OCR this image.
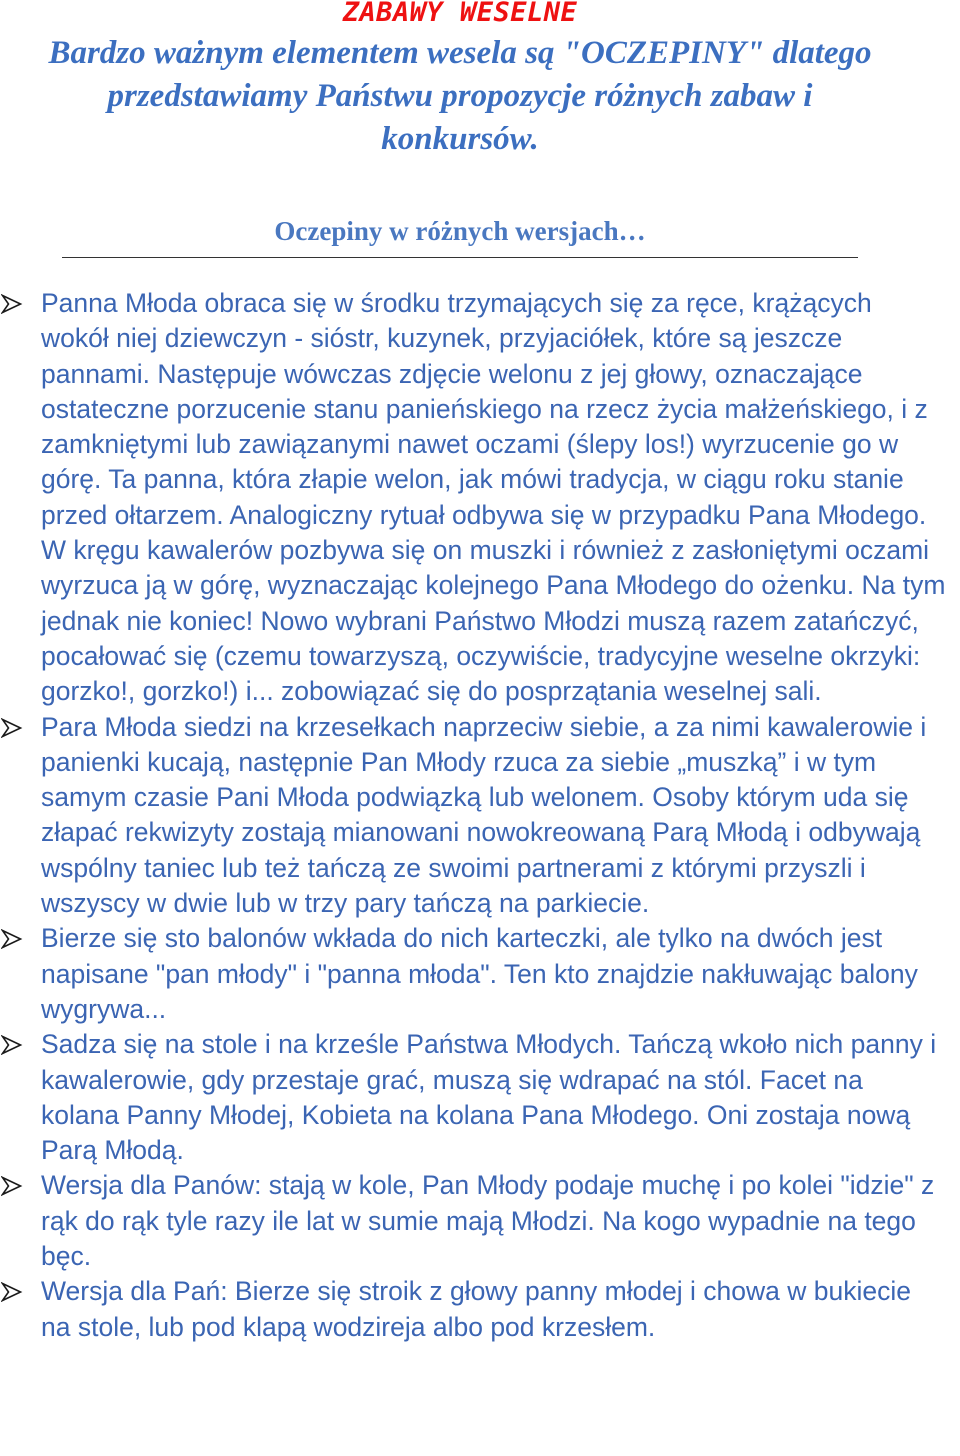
ZABAWY WESELNE
Bardzo ważnym elementem wesela są "OCZEPINY" dlatego przedstawiamy Państwu propozycje różnych zabaw i konkursów.
Oczepiny w różnych wersjach…
Panna Młoda obraca się w środku trzymających się za ręce, krążących wokół niej dziewczyn - sióstr, kuzynek, przyjaciółek, które są jeszcze pannami. Następuje wówczas zdjęcie welonu z jej głowy, oznaczające ostateczne porzucenie stanu panieńskiego na rzecz życia małżeńskiego, i z zamkniętymi lub zawiązanymi nawet oczami (ślepy los!) wyrzucenie go w górę. Ta panna, która złapie welon, jak mówi tradycja, w ciągu roku stanie przed ołtarzem. Analogiczny rytuał odbywa się w przypadku Pana Młodego. W kręgu kawalerów pozbywa się on muszki i również z zasłoniętymi oczami wyrzuca ją w górę, wyznaczając kolejnego Pana Młodego do ożenku. Na tym jednak nie koniec! Nowo wybrani Państwo Młodzi muszą razem zatańczyć, pocałować się (czemu towarzyszą, oczywiście, tradycyjne weselne okrzyki: gorzko!, gorzko!) i... zobowiązać się do posprzątania weselnej sali.
Para Młoda siedzi na krzesełkach naprzeciw siebie, a za nimi kawalerowie i panienki kucają, następnie Pan Młody rzuca za siebie „muszką” i w tym samym czasie Pani Młoda podwiązką lub welonem. Osoby którym uda się złapać rekwizyty zostają mianowani nowokreowaną Parą Młodą i odbywają wspólny taniec lub też tańczą ze swoimi partnerami z którymi przyszli i wszyscy w dwie lub w trzy pary tańczą na parkiecie.
Bierze się sto balonów wkłada do nich karteczki, ale tylko na dwóch jest napisane "pan młody" i "panna młoda". Ten kto znajdzie nakłuwając balony wygrywa...
Sadza się na stole i na krześle Państwa Młodych. Tańczą wkoło nich panny i kawalerowie, gdy przestaje grać, muszą się wdrapać na stól. Facet na kolana Panny Młodej, Kobieta na kolana Pana Młodego. Oni zostaja nową Parą Młodą.
Wersja dla Panów: stają w kole, Pan Młody podaje muchę i po kolei "idzie" z rąk do rąk tyle razy ile lat w sumie mają Młodzi. Na kogo wypadnie na tego bęc.
Wersja dla Pań: Bierze się stroik z głowy panny młodej i chowa w bukiecie na stole, lub pod klapą wodzireja albo pod krzesłem.
